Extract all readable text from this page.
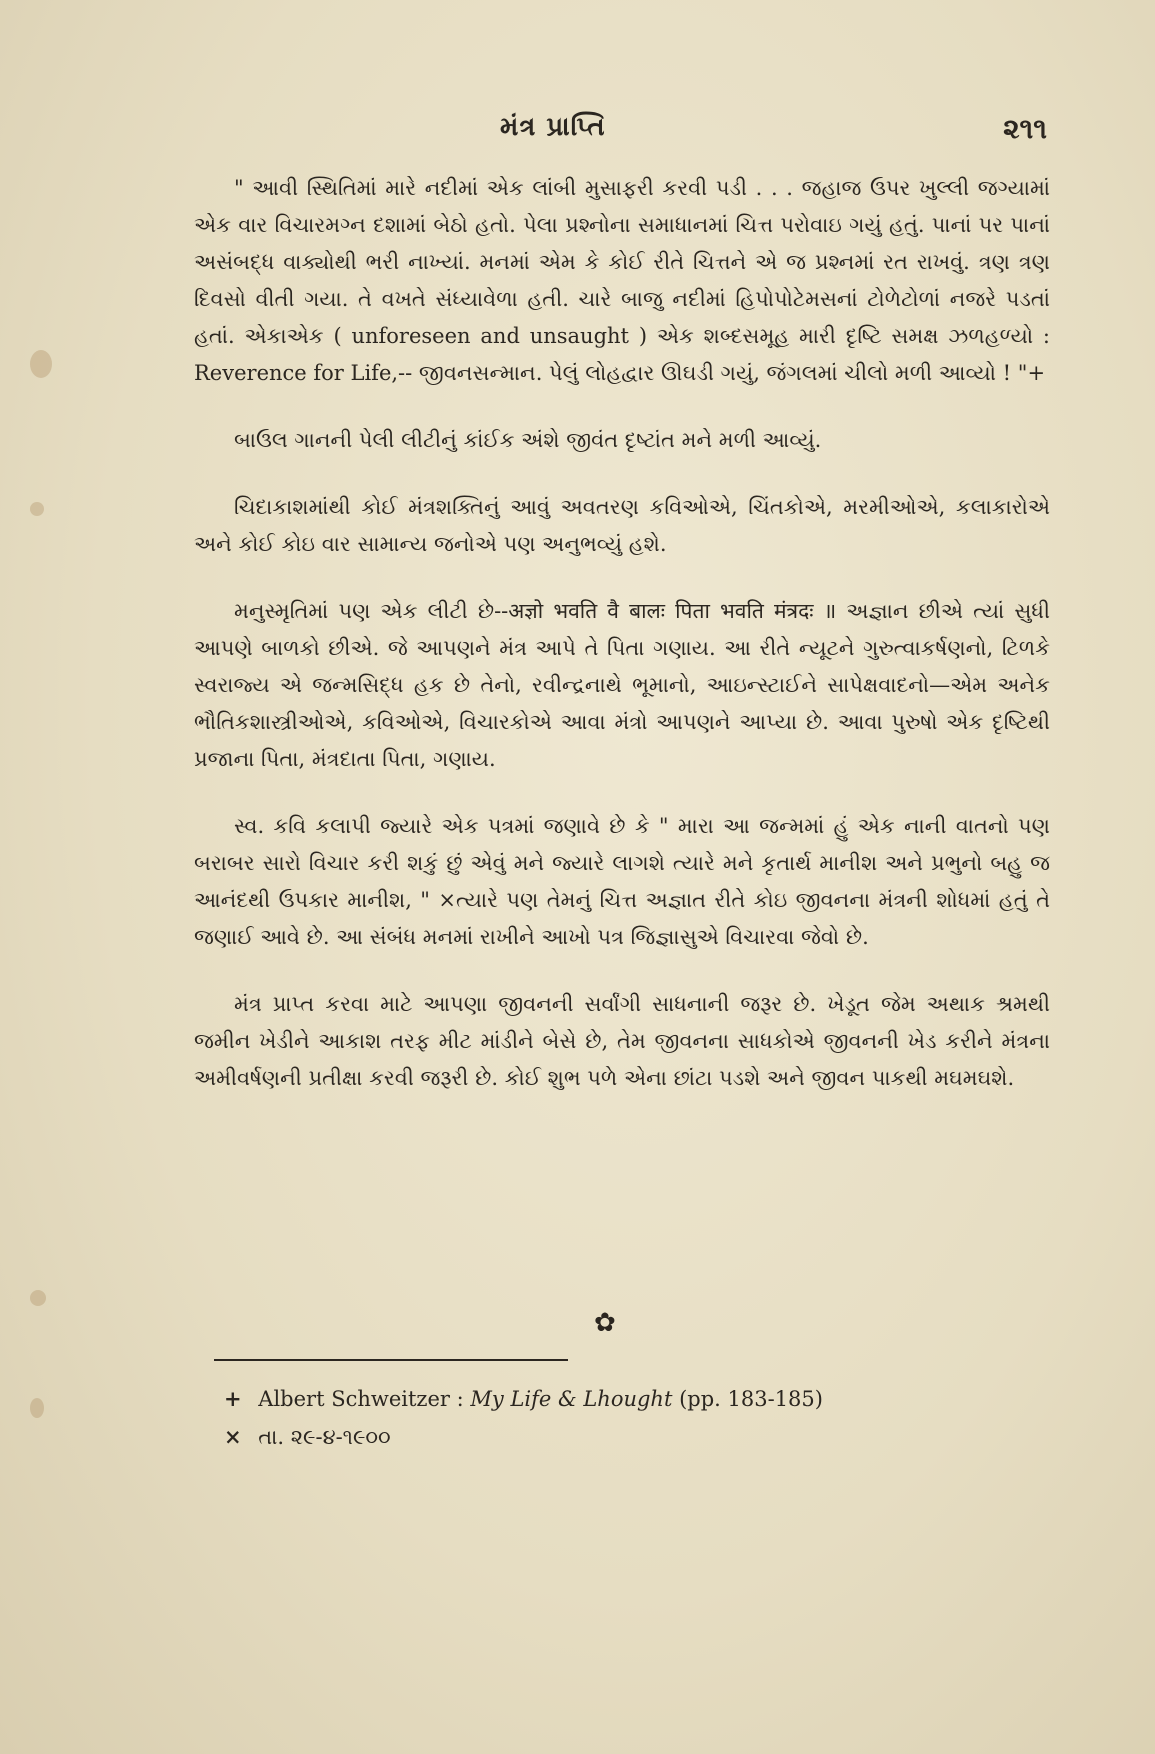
મંત્ર પ્રાપ્તિ	૨૧૧

" આવી સ્થિતિમાં મારે નદીમાં એક લાંબી મુસાફરી કરવી પડી . . . જહાજ ઉપર ખુલ્લી જગ્યામાં એક વાર વિચારમગ્ન દશામાં બેઠો હતો. પેલા પ્રશ્નોના સમાધાનમાં ચિત્ત પરોવાઇ ગયું હતું. પાનાં પર પાનાં અસંબદ્ધ વાક્યોથી ભરી નાખ્યાં. મનમાં એમ કે કોઈ રીતે ચિત્તને એ જ પ્રશ્નમાં રત રાખવું. ત્રણ ત્રણ દિવસો વીતી ગયા. તે વખતે સંધ્યાવેળા હતી. ચારે બાજુ નદીમાં હિપોપોટેમસનાં ટોળેટોળાં નજરે પડતાં હતાં. એકાએક ( unforeseen and unsaught ) એક શબ્દસમૂહ મારી દૃષ્ટિ સમક્ષ ઝળહળ્યો : Reverence for Life,-- જીવનસન્માન. પેલું લોહદ્વાર ઊઘડી ગયું, જંગલમાં ચીલો મળી આવ્યો ! "+

બાઉલ ગાનની પેલી લીટીનું કાંઈક અંશે જીવંત દૃષ્ટાંત મને મળી આવ્યું.

ચિદાકાશમાંથી કોઈ મંત્રશક્તિનું આવું અવતરણ કવિઓએ, ચિંતકોએ, મરમીઓએ, કલાકારોએ અને કોઈ કોઇ વાર સામાન્ય જનોએ પણ અનુભવ્યું હશે.

મનુસ્મૃતિમાં પણ એક લીટી છે--अज्ञो भवति वै बालः पिता भवति मंत्रदः ॥ અજ્ઞાન છીએ ત્યાં સુધી આપણે બાળકો છીએ. જે આપણને મંત્ર આપે તે પિતા ગણાય. આ રીતે ન્યૂટને ગુરુત્વાકર્ષણનો, ટિળકે સ્વરાજ્ય એ જન્મસિદ્ધ હક છે તેનો, રવીન્દ્રનાથે ભૂમાનો, આઇન્સ્ટાઈને સાપેક્ષવાદનો—એમ અનેક ભૌતિકશાસ્ત્રીઓએ, કવિઓએ, વિચારકોએ આવા મંત્રો આપણને આપ્યા છે. આવા પુરુષો એક દૃષ્ટિથી પ્રજાના પિતા, મંત્રદાતા પિતા, ગણાય.

સ્વ. કવિ કલાપી જ્યારે એક પત્રમાં જણાવે છે કે " મારા આ જન્મમાં હું એક નાની વાતનો પણ બરાબર સારો વિચાર કરી શકું છું એવું મને જ્યારે લાગશે ત્યારે મને કૃતાર્થ માનીશ અને પ્રભુનો બહુ જ આનંદથી ઉપકાર માનીશ, " ×ત્યારે પણ તેમનું ચિત્ત અજ્ઞાત રીતે કોઇ જીવનના મંત્રની શોધમાં હતું તે જણાઈ આવે છે. આ સંબંધ મનમાં રાખીને આખો પત્ર જિજ્ઞાસુએ વિચારવા જેવો છે.

મંત્ર પ્રાપ્ત કરવા માટે આપણા જીવનની સર્વાંગી સાધનાની જરૂર છે. ખેડૂત જેમ અથાક શ્રમથી જમીન ખેડીને આકાશ તરફ મીટ માંડીને બેસે છે, તેમ જીવનના સાધકોએ જીવનની ખેડ કરીને મંત્રના અમીવર્ષણની પ્રતીક્ષા કરવી જરૂરી છે. કોઈ શુભ પળે એના છાંટા પડશે અને જીવન પાકથી મઘમઘશે.

✿
+ Albert Schweitzer : My Life & Lhought (pp. 183-185)
× તા. ૨૯-૪-૧૯૦૦
